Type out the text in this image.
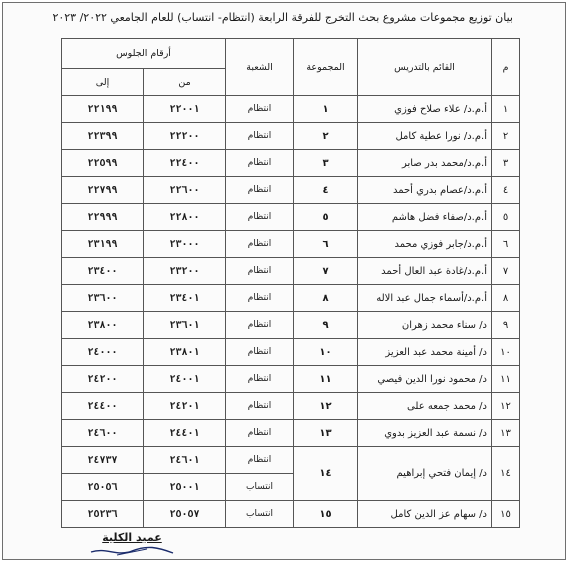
بيان توزيع مجموعات مشروع بحث التخرج للفرقة الرابعة (انتظام- انتساب) للعام الجامعي ٢٠٢٢/ ٢٠٢٣
م	القائم بالتدريس	المجموعة	الشعبة	أرقام الجلوس	
				من	إلى
١	أ.م.د/ علاء صلاح فوزي	١	انتظام	٢٢٠٠١	٢٢١٩٩
٢	أ.م.د/ نورا عطية كامل	٢	انتظام	٢٢٢٠٠	٢٢٣٩٩
٣	أ.م.د/محمد بدر صابر	٣	انتظام	٢٢٤٠٠	٢٢٥٩٩
٤	أ.م.د/عصام بدري أحمد	٤	انتظام	٢٢٦٠٠	٢٢٧٩٩
٥	أ.م.د/صفاء فضل هاشم	٥	انتظام	٢٢٨٠٠	٢٢٩٩٩
٦	أ.م.د/جابر فوزي محمد	٦	انتظام	٢٣٠٠٠	٢٣١٩٩
٧	أ.م.د/غادة عبد العال أحمد	٧	انتظام	٢٣٢٠٠	٢٣٤٠٠
٨	أ.م.د/أسماء جمال عبد الاله	٨	انتظام	٢٣٤٠١	٢٣٦٠٠
٩	د/ سناء محمد زهران	٩	انتظام	٢٣٦٠١	٢٣٨٠٠
١٠	د/ أمينة محمد عبد العزيز	١٠	انتظام	٢٣٨٠١	٢٤٠٠٠
١١	د/ محمود نورا الدين فيصي	١١	انتظام	٢٤٠٠١	٢٤٢٠٠
١٢	د/ محمد جمعه على	١٢	انتظام	٢٤٢٠١	٢٤٤٠٠
١٣	د/ نسمة عبد العزيز بدوي	١٣	انتظام	٢٤٤٠١	٢٤٦٠٠
١٤	د/ إيمان فتحي إبراهيم	١٤	انتظام	٢٤٦٠١	٢٤٧٣٧
			انتساب	٢٥٠٠١	٢٥٠٥٦
١٥	د/ سهام عز الدين كامل	١٥	انتساب	٢٥٠٥٧	٢٥٢٣٦
عميد الكلية
